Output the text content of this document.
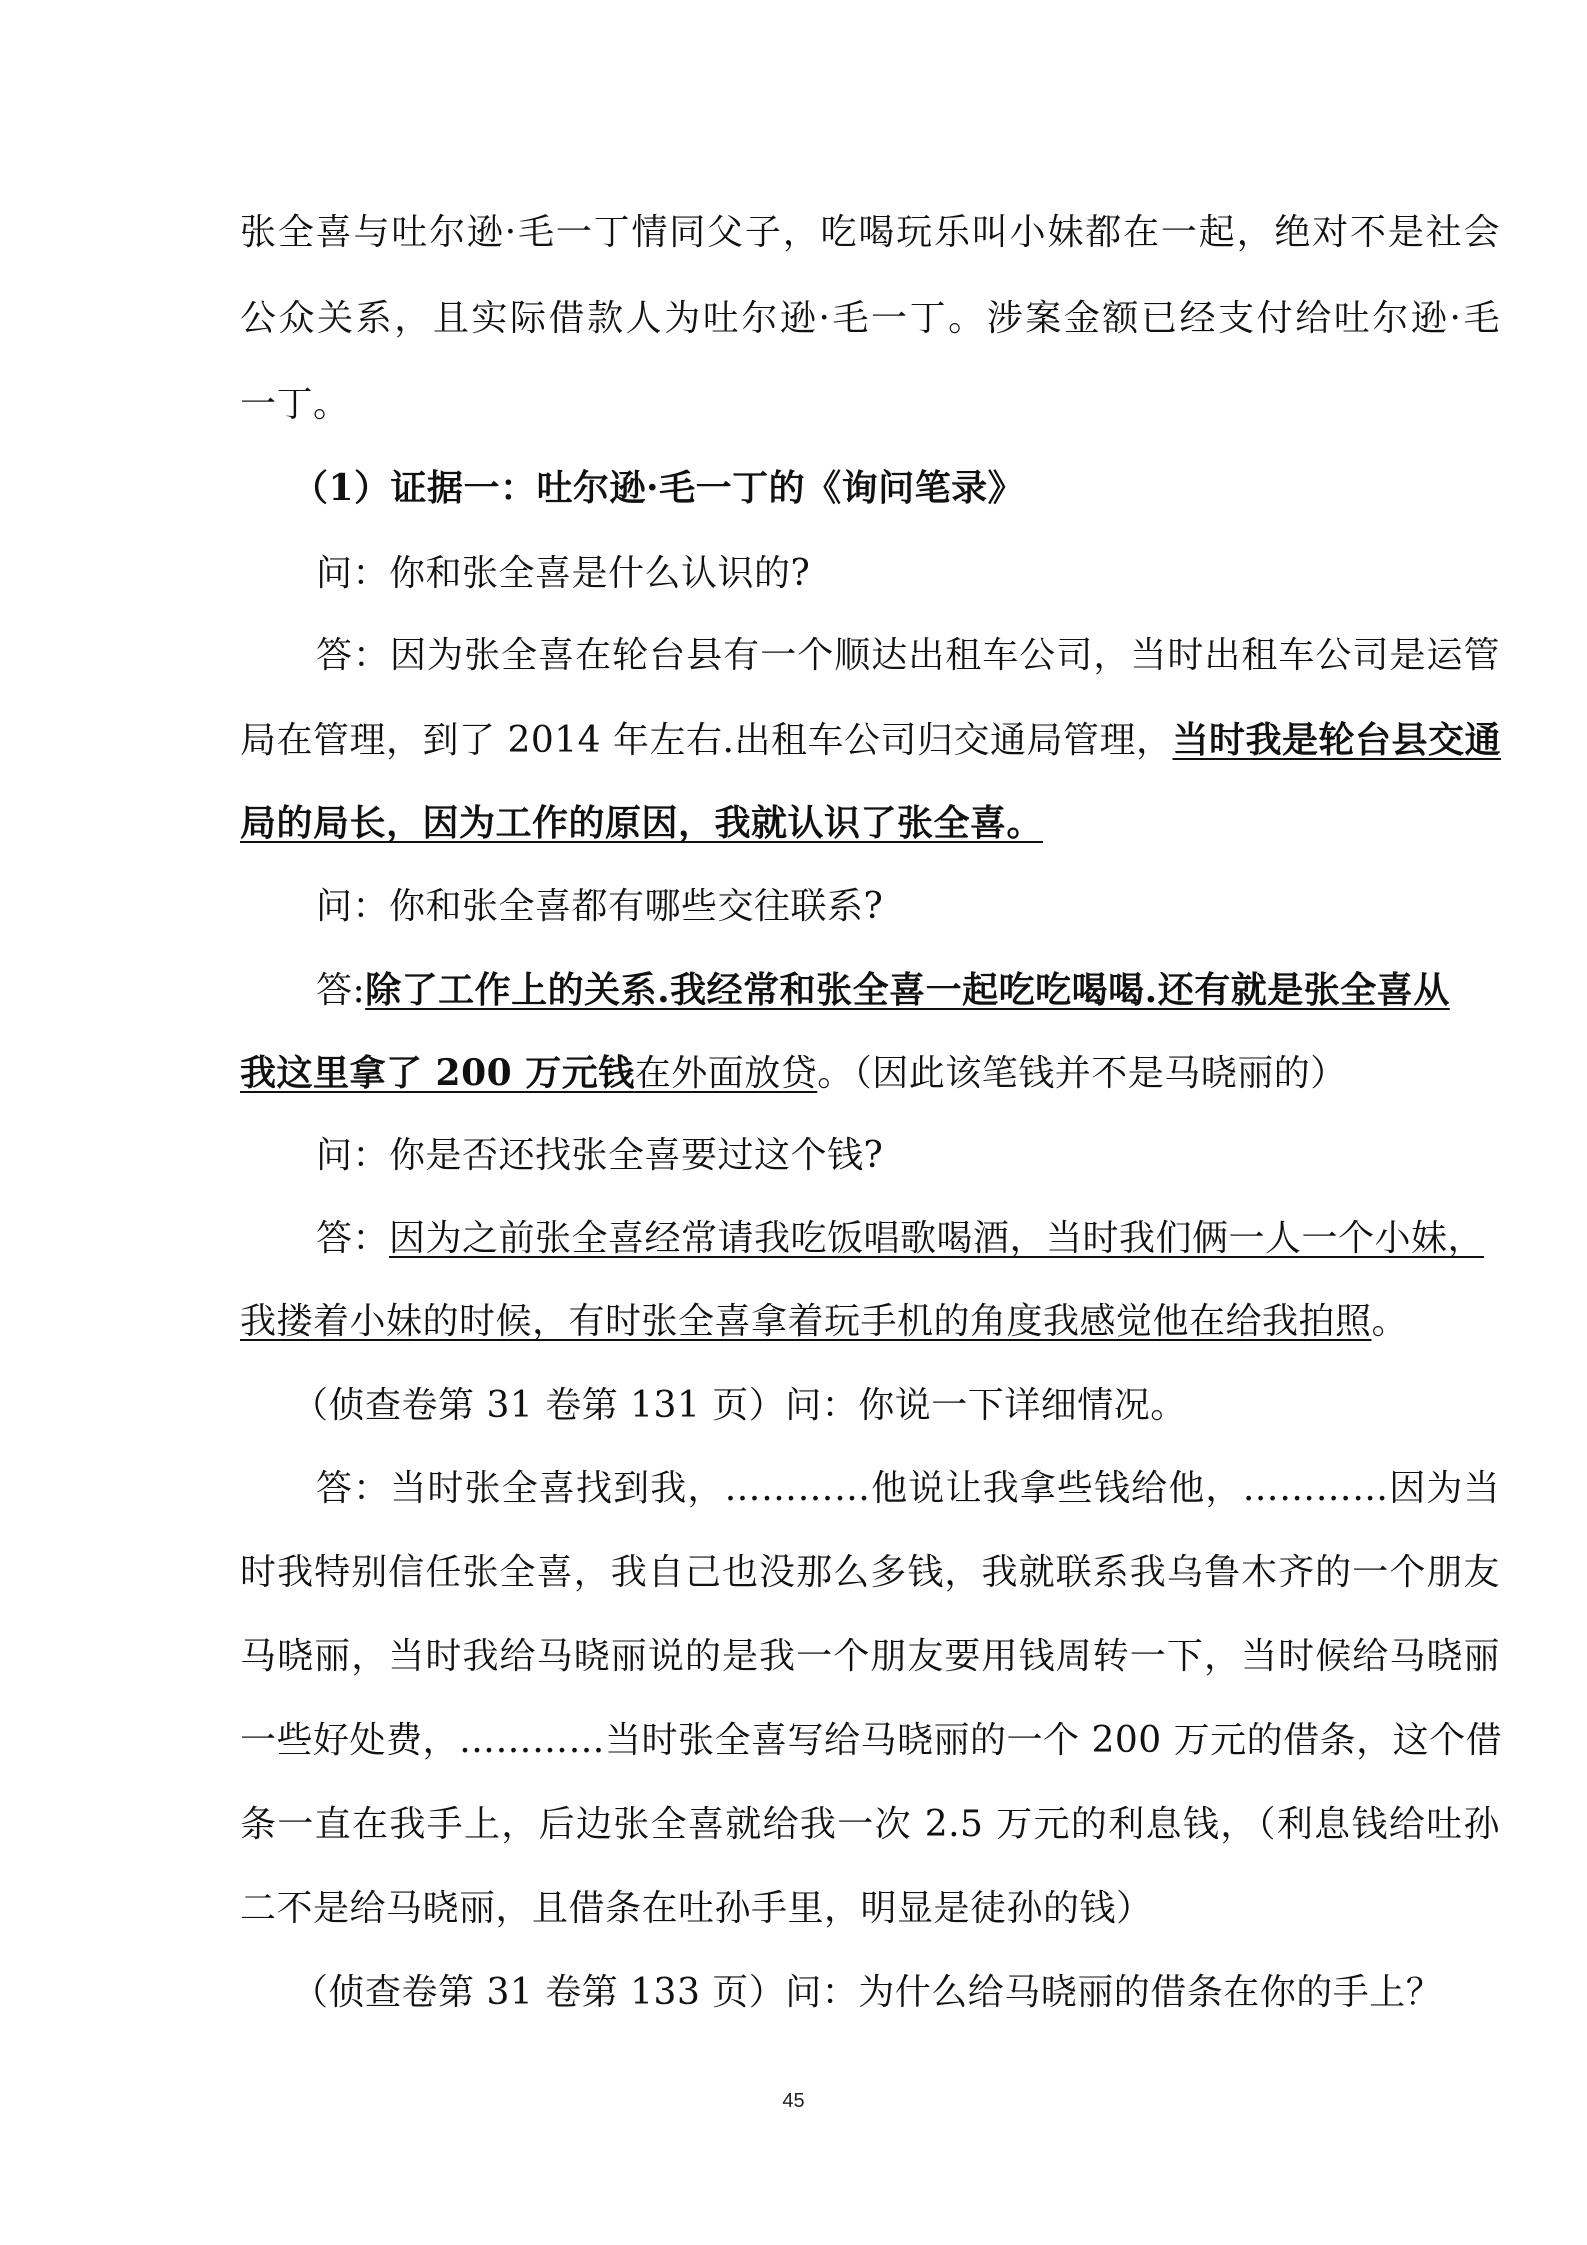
张全喜与吐尔逊·毛一丁情同父子，吃喝玩乐叫小妹都在一起，绝对不是社会
公众关系，且实际借款人为吐尔逊·毛一丁。涉案金额已经支付给吐尔逊·毛
一丁。
（1）证据一：吐尔逊·毛一丁的《询问笔录》
问：你和张全喜是什么认识的?
答：因为张全喜在轮台县有一个顺达出租车公司，当时出租车公司是运管
局在管理，到了 2014 年左右.出租车公司归交通局管理，当时我是轮台县交通
局的局长，因为工作的原因，我就认识了张全喜。
问：你和张全喜都有哪些交往联系?
答:除了工作上的关系.我经常和张全喜一起吃吃喝喝.还有就是张全喜从
我这里拿了 200 万元钱在外面放贷。（因此该笔钱并不是马晓丽的）
问：你是否还找张全喜要过这个钱?
答：因为之前张全喜经常请我吃饭唱歌喝酒，当时我们俩一人一个小妹，
我搂着小妹的时候，有时张全喜拿着玩手机的角度我感觉他在给我拍照。
（侦查卷第 31 卷第 131 页）问：你说一下详细情况。
答：当时张全喜找到我，…………他说让我拿些钱给他，…………因为当
时我特别信任张全喜，我自己也没那么多钱，我就联系我乌鲁木齐的一个朋友
马晓丽，当时我给马晓丽说的是我一个朋友要用钱周转一下，当时候给马晓丽
一些好处费，…………当时张全喜写给马晓丽的一个 200 万元的借条，这个借
条一直在我手上，后边张全喜就给我一次 2.5 万元的利息钱，（利息钱给吐孙
二不是给马晓丽，且借条在吐孙手里，明显是徒孙的钱）
（侦查卷第 31 卷第 133 页）问：为什么给马晓丽的借条在你的手上？
45
